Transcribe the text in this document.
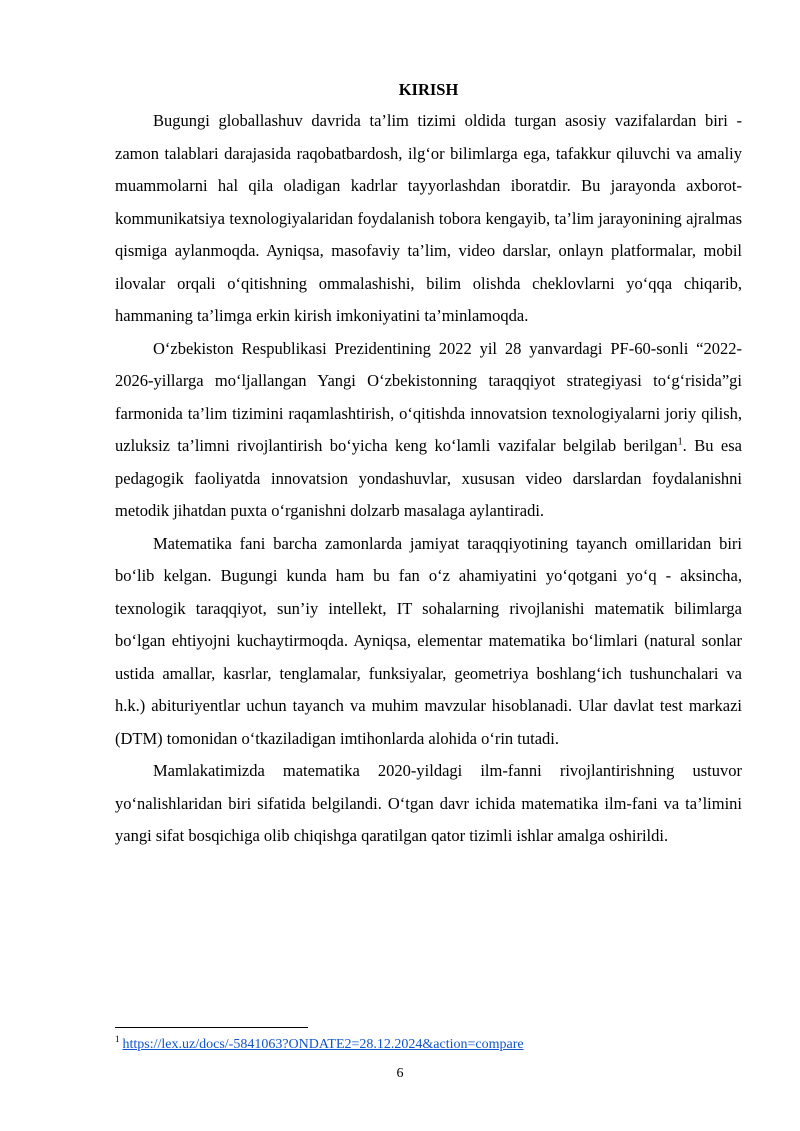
KIRISH

Bugungi globallashuv davrida ta’lim tizimi oldida turgan asosiy vazifalardan biri - zamon talablari darajasida raqobatbardosh, ilg‘or bilimlarga ega, tafakkur qiluvchi va amaliy muammolarni hal qila oladigan kadrlar tayyorlashdan iboratdir. Bu jarayonda axborot-kommunikatsiya texnologiyalaridan foydalanish tobora kengayib, ta’lim jarayonining ajralmas qismiga aylanmoqda. Ayniqsa, masofaviy ta’lim, video darslar, onlayn platformalar, mobil ilovalar orqali o‘qitishning ommalashishi, bilim olishda cheklovlarni yo‘qqa chiqarib, hammaning ta’limga erkin kirish imkoniyatini ta’minlamoqda.

O‘zbekiston Respublikasi Prezidentining 2022 yil 28 yanvardagi PF-60-sonli “2022-2026-yillarga mo‘ljallangan Yangi O‘zbekistonning taraqqiyot strategiyasi to‘g‘risida”gi farmonida ta’lim tizimini raqamlashtirish, o‘qitishda innovatsion texnologiyalarni joriy qilish, uzluksiz ta’limni rivojlantirish bo‘yicha keng ko‘lamli vazifalar belgilab berilgan$^1$. Bu esa pedagogik faoliyatda innovatsion yondashuvlar, xususan video darslardan foydalanishni metodik jihatdan puxta o‘rganishni dolzarb masalaga aylantiradi.

Matematika fani barcha zamonlarda jamiyat taraqqiyotining tayanch omillaridan biri bo‘lib kelgan. Bugungi kunda ham bu fan o‘z ahamiyatini yo‘qotgani yo‘q - aksincha, texnologik taraqqiyot, sun’iy intellekt, IT sohalarning rivojlanishi matematik bilimlarga bo‘lgan ehtiyojni kuchaytirmoqda. Ayniqsa, elementar matematika bo‘limlari (natural sonlar ustida amallar, kasrlar, tenglamalar, funksiyalar, geometriya boshlang‘ich tushunchalari va h.k.) abituriyentlar uchun tayanch va muhim mavzular hisoblanadi. Ular davlat test markazi (DTM) tomonidan o‘tkaziladigan imtihonlarda alohida o‘rin tutadi.

Mamlakatimizda matematika 2020-yildagi ilm-fanni rivojlantirishning ustuvor yo‘nalishlaridan biri sifatida belgilandi. O‘tgan davr ichida matematika ilm-fani va ta’limini yangi sifat bosqichiga olib chiqishga qaratilgan qator tizimli ishlar amalga oshirildi.

$^1$ https://lex.uz/docs/-5841063?ONDATE2=28.12.2024&action=compare
6
